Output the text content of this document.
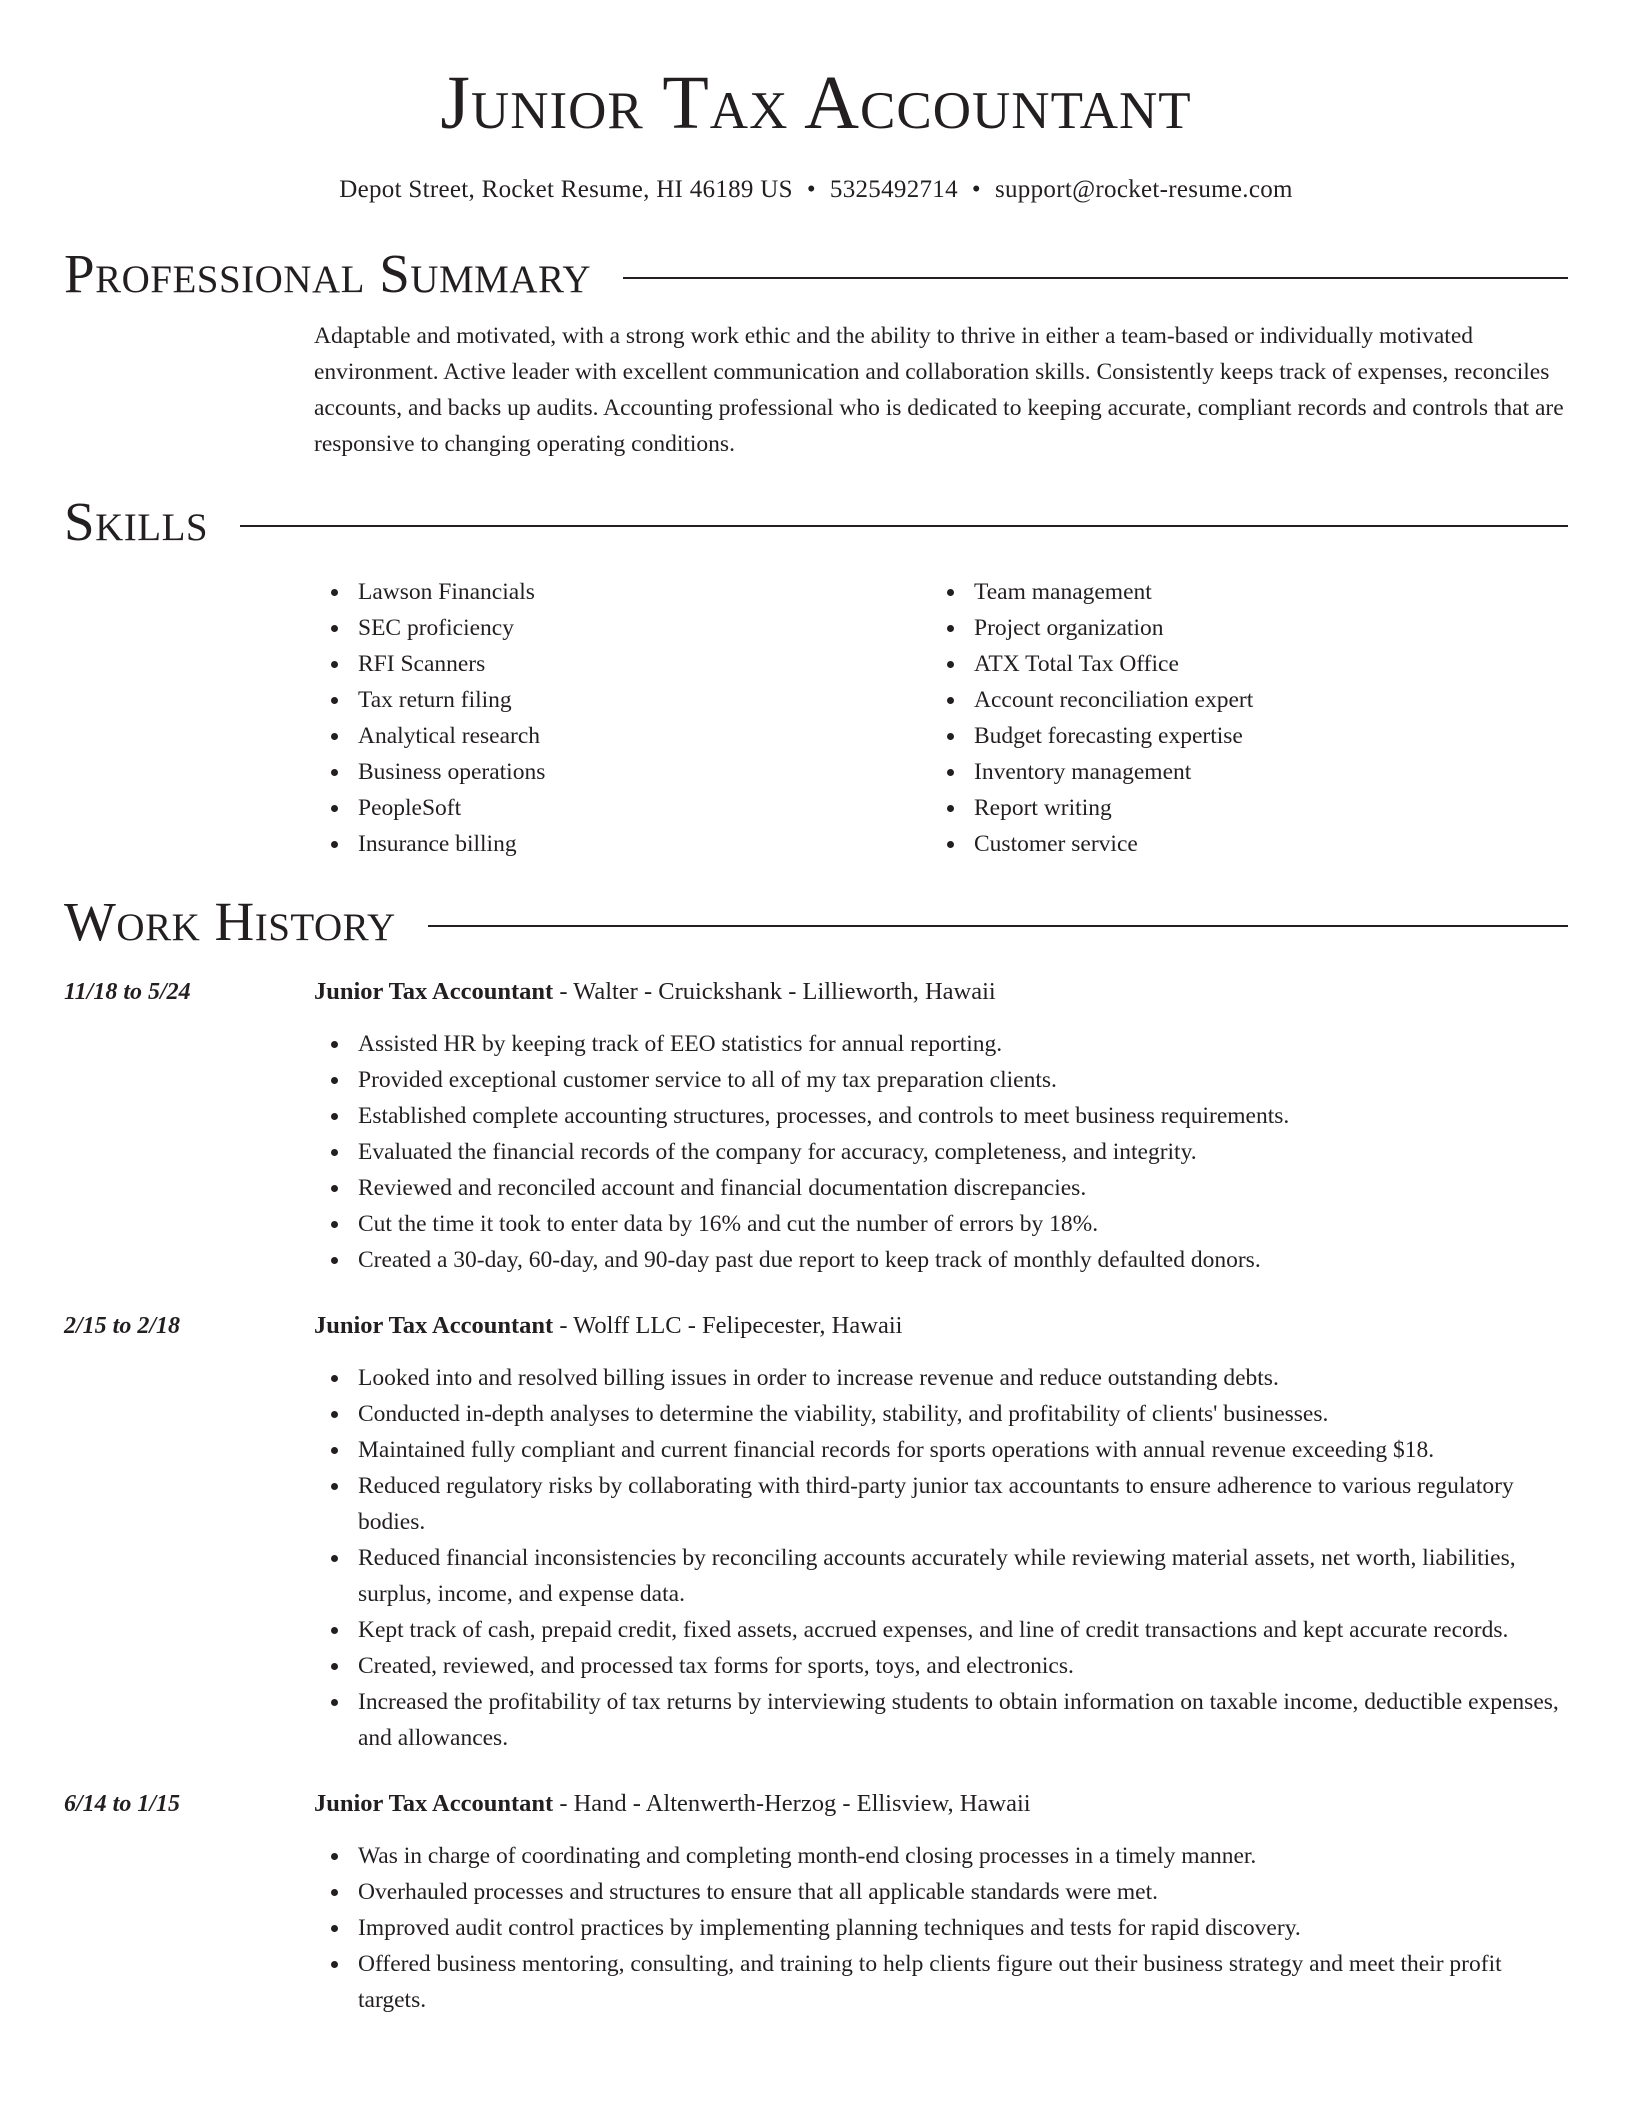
Junior Tax Accountant
Depot Street, Rocket Resume, HI 46189 US • 5325492714 • support@rocket-resume.com
Professional Summary
Adaptable and motivated, with a strong work ethic and the ability to thrive in either a team-based or individually motivated environment. Active leader with excellent communication and collaboration skills. Consistently keeps track of expenses, reconciles accounts, and backs up audits. Accounting professional who is dedicated to keeping accurate, compliant records and controls that are responsive to changing operating conditions.
Skills
Lawson Financials
SEC proficiency
RFI Scanners
Tax return filing
Analytical research
Business operations
PeopleSoft
Insurance billing
Team management
Project organization
ATX Total Tax Office
Account reconciliation expert
Budget forecasting expertise
Inventory management
Report writing
Customer service
Work History
11/18 to 5/24	Junior Tax Accountant - Walter - Cruickshank - Lillieworth, Hawaii
Assisted HR by keeping track of EEO statistics for annual reporting.
Provided exceptional customer service to all of my tax preparation clients.
Established complete accounting structures, processes, and controls to meet business requirements.
Evaluated the financial records of the company for accuracy, completeness, and integrity.
Reviewed and reconciled account and financial documentation discrepancies.
Cut the time it took to enter data by 16% and cut the number of errors by 18%.
Created a 30-day, 60-day, and 90-day past due report to keep track of monthly defaulted donors.
2/15 to 2/18	Junior Tax Accountant - Wolff LLC - Felipecester, Hawaii
Looked into and resolved billing issues in order to increase revenue and reduce outstanding debts.
Conducted in-depth analyses to determine the viability, stability, and profitability of clients' businesses.
Maintained fully compliant and current financial records for sports operations with annual revenue exceeding $18.
Reduced regulatory risks by collaborating with third-party junior tax accountants to ensure adherence to various regulatory bodies.
Reduced financial inconsistencies by reconciling accounts accurately while reviewing material assets, net worth, liabilities, surplus, income, and expense data.
Kept track of cash, prepaid credit, fixed assets, accrued expenses, and line of credit transactions and kept accurate records.
Created, reviewed, and processed tax forms for sports, toys, and electronics.
Increased the profitability of tax returns by interviewing students to obtain information on taxable income, deductible expenses, and allowances.
6/14 to 1/15	Junior Tax Accountant - Hand - Altenwerth-Herzog - Ellisview, Hawaii
Was in charge of coordinating and completing month-end closing processes in a timely manner.
Overhauled processes and structures to ensure that all applicable standards were met.
Improved audit control practices by implementing planning techniques and tests for rapid discovery.
Offered business mentoring, consulting, and training to help clients figure out their business strategy and meet their profit targets.
